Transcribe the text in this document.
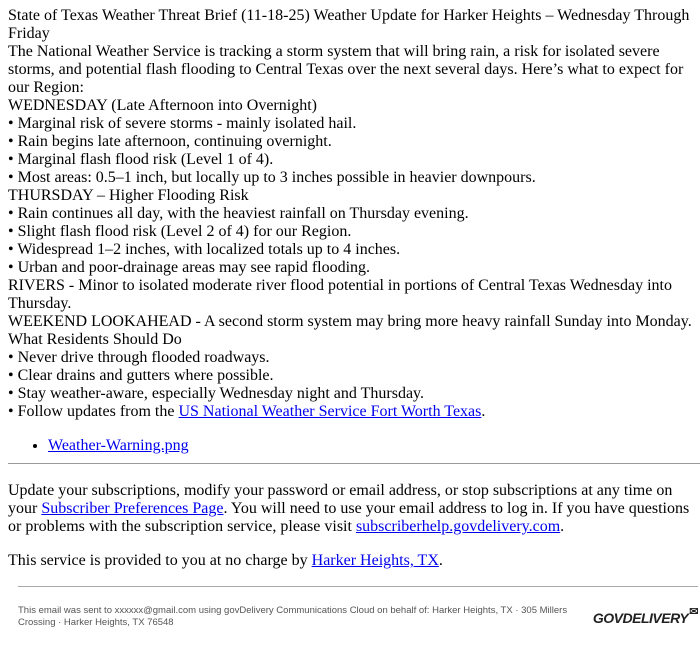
State of Texas Weather Threat Brief (11-18-25) Weather Update for Harker Heights – Wednesday Through Friday

The National Weather Service is tracking a storm system that will bring rain, a risk for isolated severe storms, and potential flash flooding to Central Texas over the next several days. Here’s what to expect for our Region:

WEDNESDAY (Late Afternoon into Overnight)

• Marginal risk of severe storms - mainly isolated hail.

• Rain begins late afternoon, continuing overnight.

• Marginal flash flood risk (Level 1 of 4).

• Most areas: 0.5–1 inch, but locally up to 3 inches possible in heavier downpours.

THURSDAY – Higher Flooding Risk

• Rain continues all day, with the heaviest rainfall on Thursday evening.

• Slight flash flood risk (Level 2 of 4) for our Region.

• Widespread 1–2 inches, with localized totals up to 4 inches.

• Urban and poor-drainage areas may see rapid flooding.

RIVERS - Minor to isolated moderate river flood potential in portions of Central Texas Wednesday into Thursday.

WEEKEND LOOKAHEAD - A second storm system may bring more heavy rainfall Sunday into Monday.

What Residents Should Do

• Never drive through flooded roadways.

• Clear drains and gutters where possible.

• Stay weather-aware, especially Wednesday night and Thursday.

• Follow updates from the US National Weather Service Fort Worth Texas.

• Weather-Warning.png

Update your subscriptions, modify your password or email address, or stop subscriptions at any time on your Subscriber Preferences Page. You will need to use your email address to log in. If you have questions or problems with the subscription service, please visit subscriberhelp.govdelivery.com.

This service is provided to you at no charge by Harker Heights, TX.

This email was sent to xxxxxx@gmail.com using govDelivery Communications Cloud on behalf of: Harker Heights, TX · 305 Millers Crossing · Harker Heights, TX 76548	GOVDELIVERY ✉
